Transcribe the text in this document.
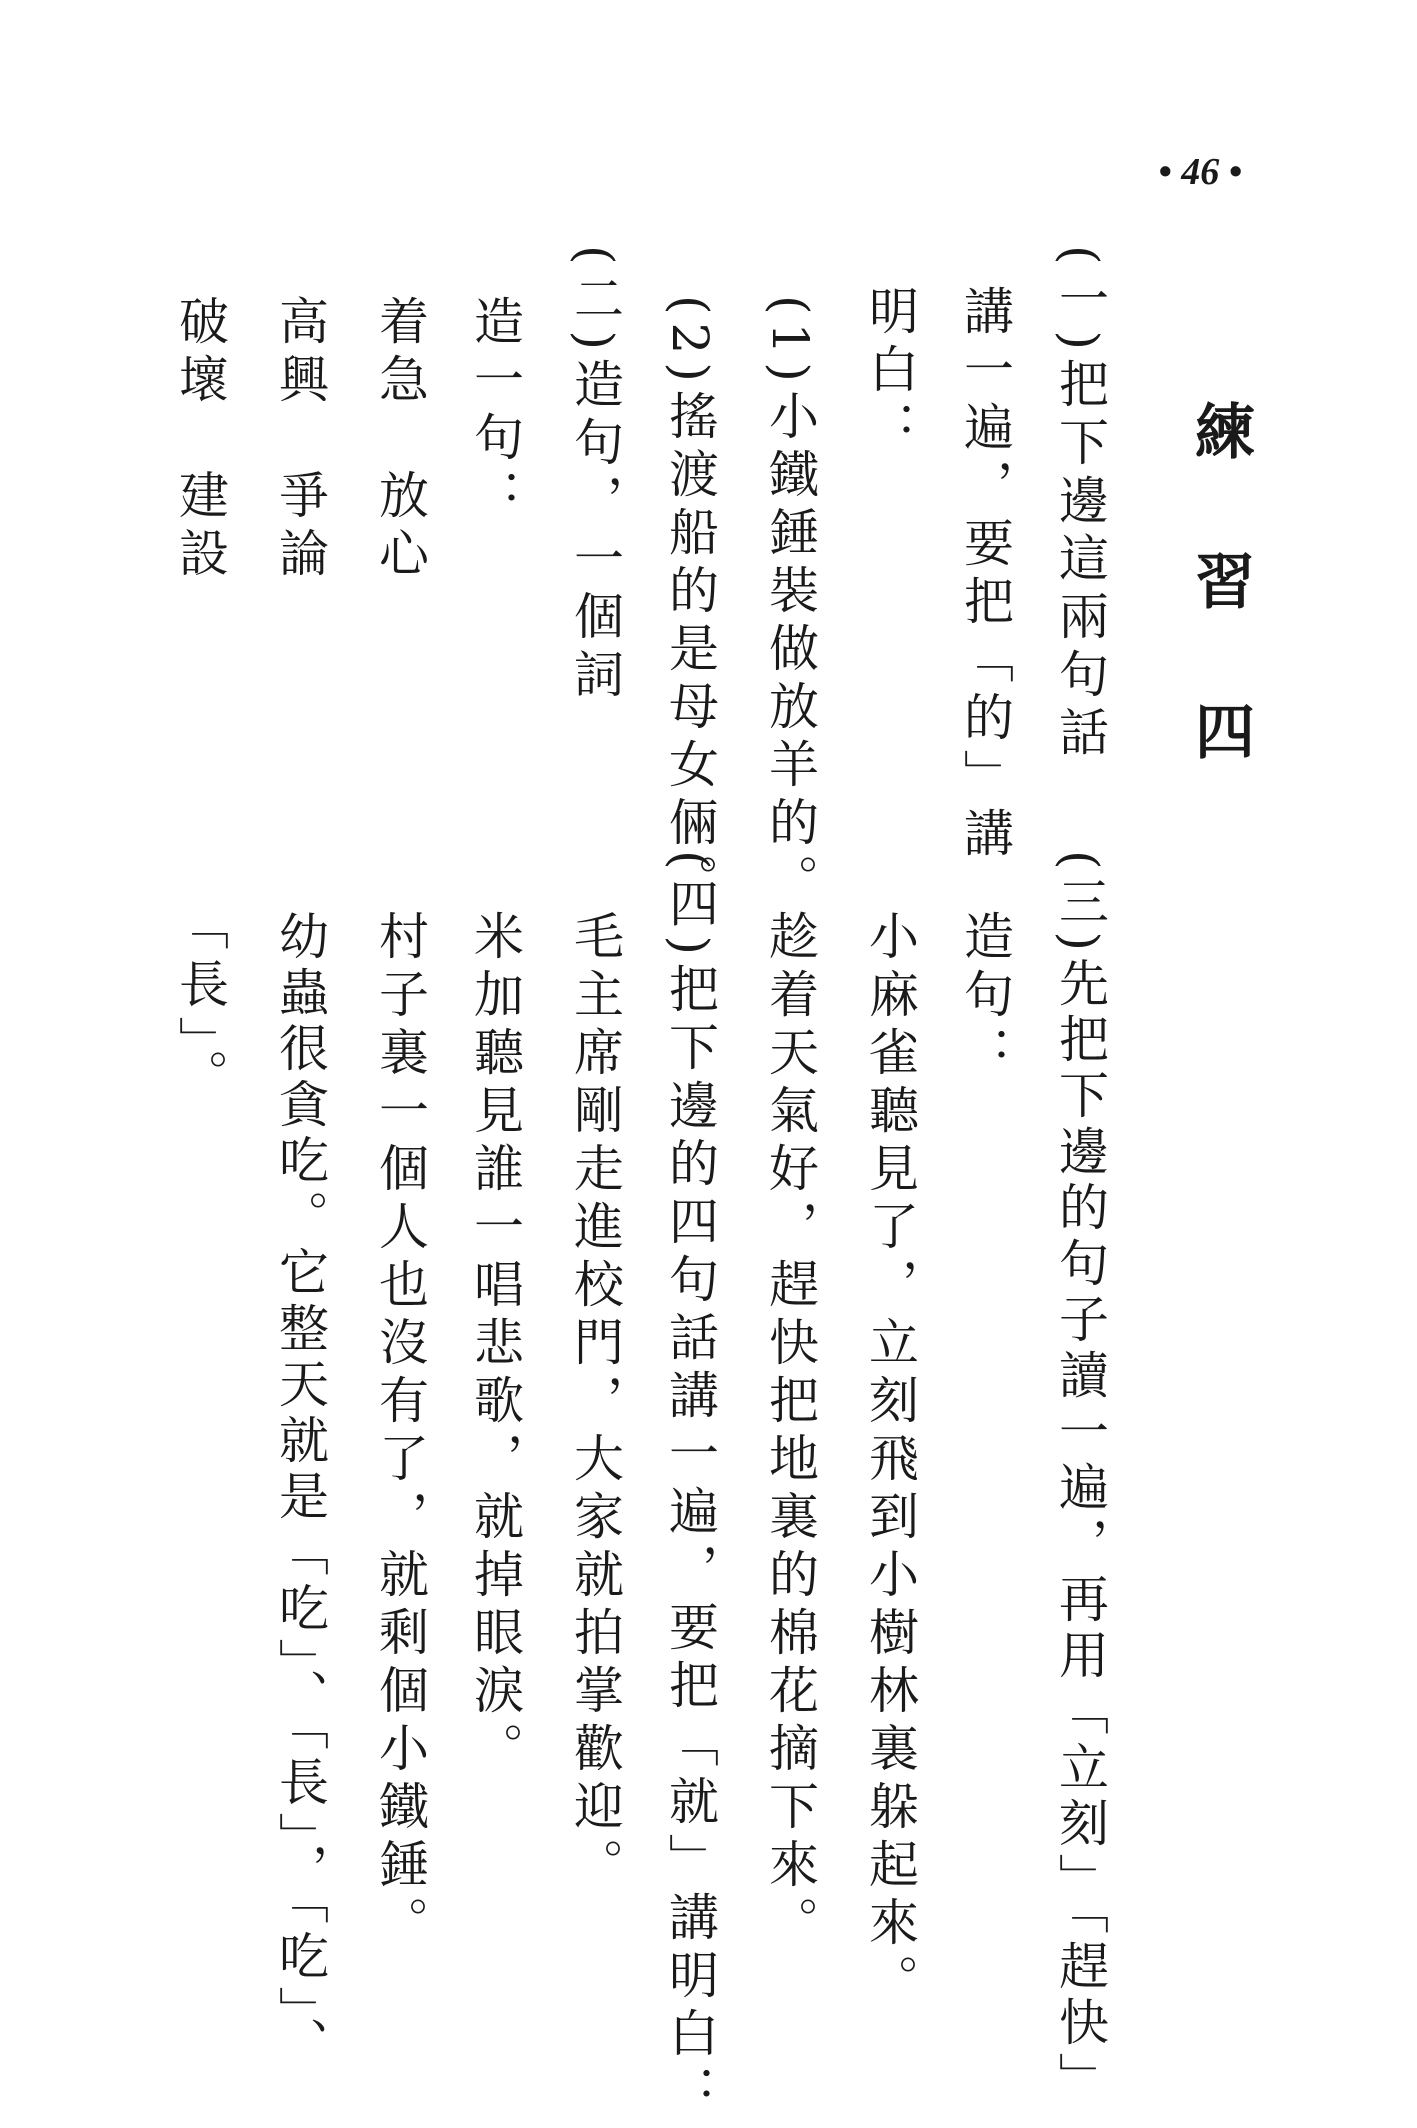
• 46 •
練習四
(一)把下邊這兩句話
講一遍，要把「的」講
明白：
(1)小鐵錘裝做放羊的。
(2)搖渡船的是母女倆。
(二)造句，一個詞
造一句：
着急　放心
高興　爭論
破壞　建設
(三)先把下邊的句子讀一遍，再用「立刻」「趕快」
造句：
小麻雀聽見了，立刻飛到小樹林裏躲起來。
趁着天氣好，趕快把地裏的棉花摘下來。
(四)把下邊的四句話講一遍，要把「就」講明白：
毛主席剛走進校門，大家就拍掌歡迎。
米加聽見誰一唱悲歌，就掉眼淚。
村子裏一個人也沒有了，就剩個小鐵錘。
幼蟲很貪吃。它整天就是「吃」、「長」，「吃」、
「長」。
